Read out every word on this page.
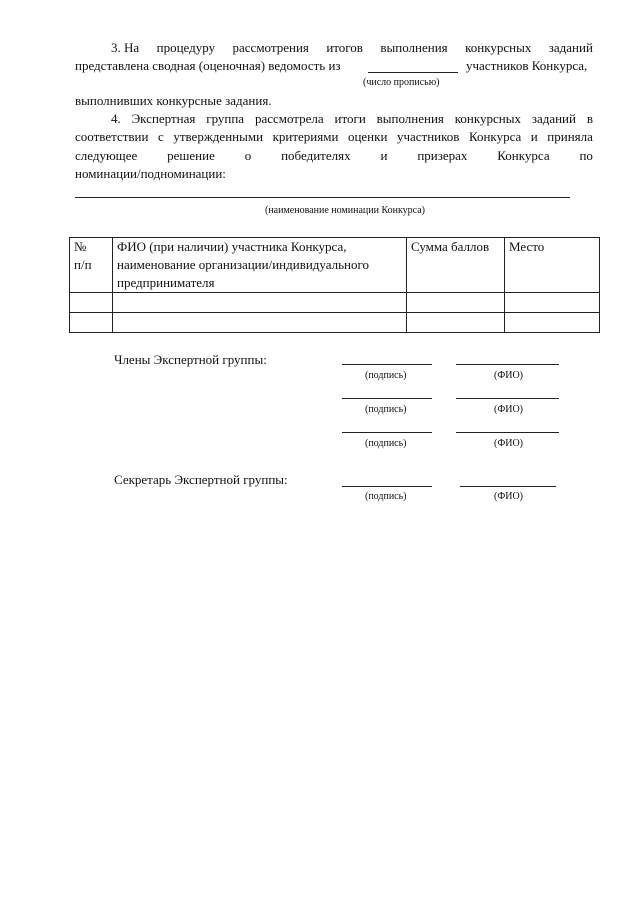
3. На процедуру рассмотрения итогов выполнения конкурсных заданий
представлена сводная (оценочная) ведомость из	участников Конкурса,
(число прописью)
выполнивших конкурсные задания.
4. Экспертная группа рассмотрела итоги выполнения конкурсных заданий в
соответствии с утвержденными критериями оценки участников Конкурса и приняла
следующее решение о победителях и призерах Конкурса по
номинации/подноминации:
(наименование номинации Конкурса)
№
п/п	ФИО (при наличии) участника Конкурса, наименование организации/индивидуального предпринимателя	Сумма баллов	Место

Члены Экспертной группы:
(подпись)	(ФИО)
(подпись)	(ФИО)
(подпись)	(ФИО)
Секретарь Экспертной группы:
(подпись)	(ФИО)
